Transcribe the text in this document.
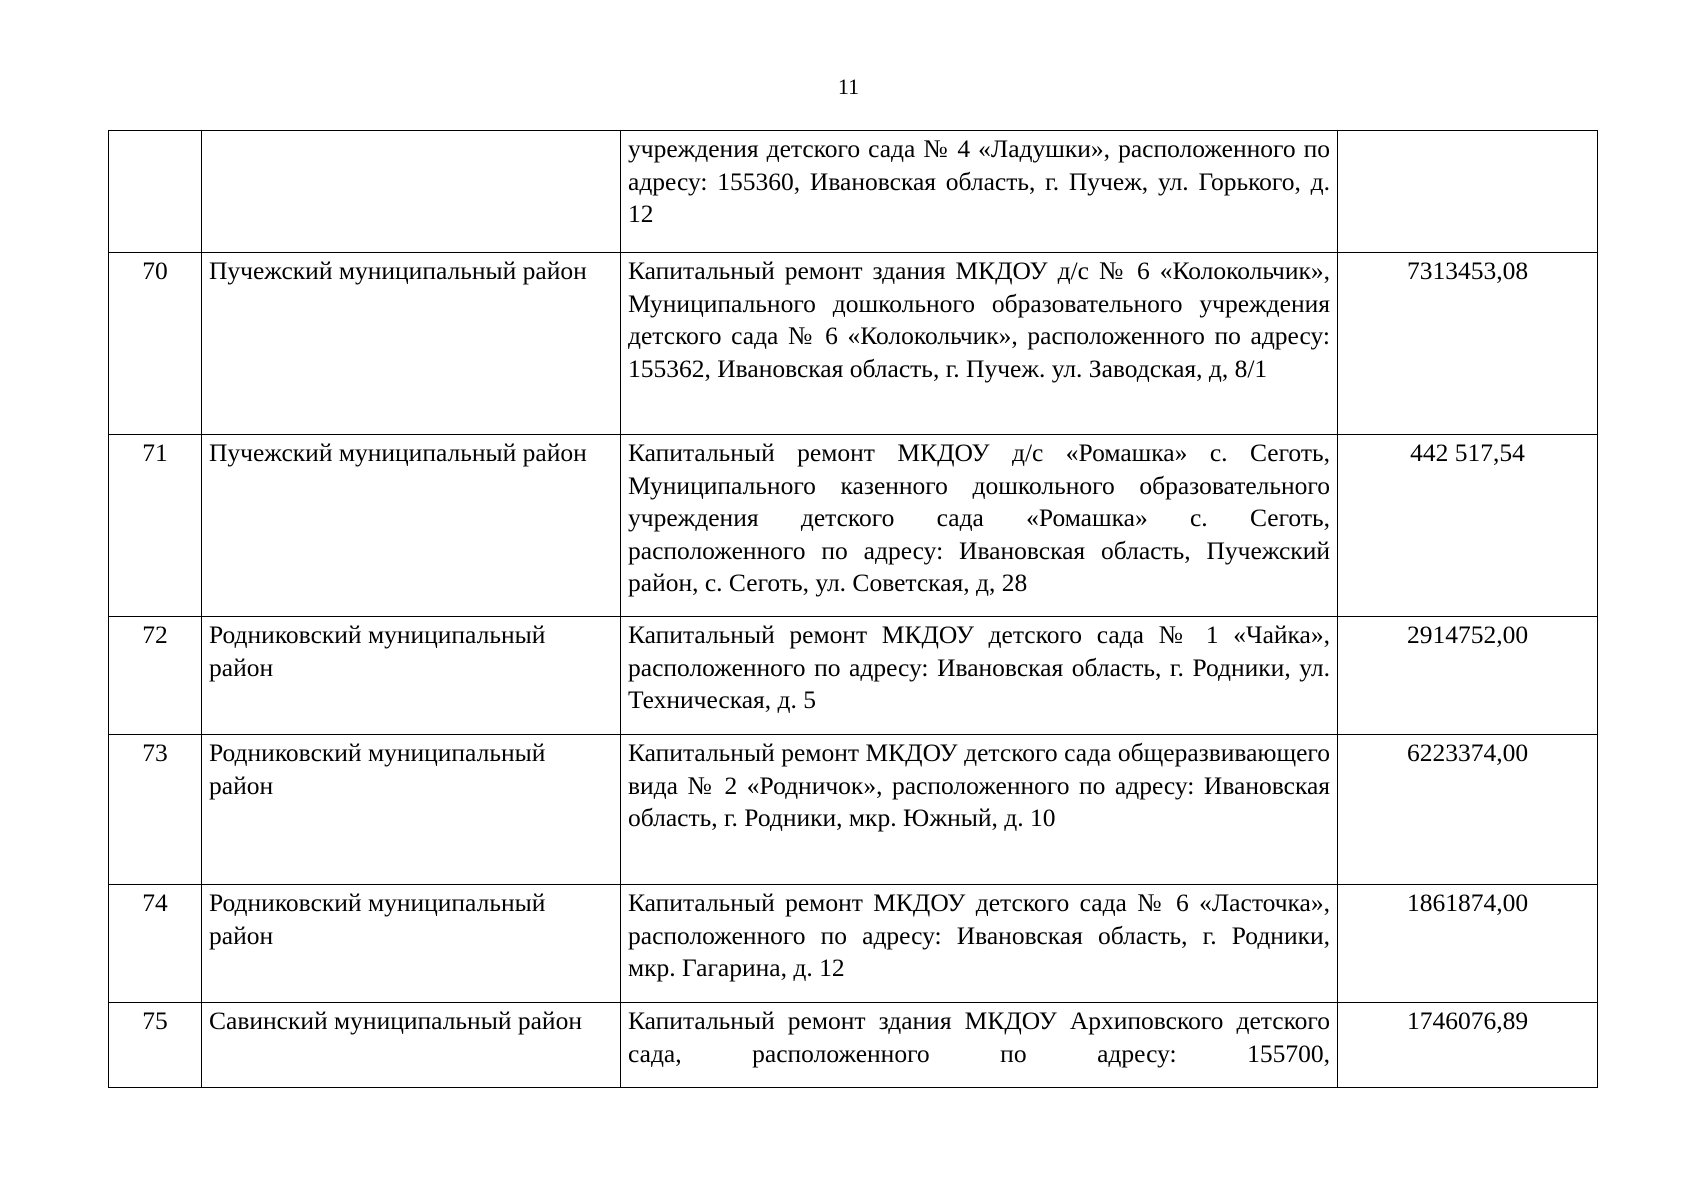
11
		учреждения детского сада № 4 «Ладушки», расположенного по адресу: 155360, Ивановская область, г. Пучеж, ул. Горького, д. 12	
70	Пучежский муниципальный район	Капитальный ремонт здания МКДОУ д/с № 6 «Колокольчик», Муниципального дошкольного образовательного учреждения детского сада № 6 «Колокольчик», расположенного по адресу: 155362, Ивановская область, г. Пучеж. ул. Заводская, д, 8/1	7313453,08
71	Пучежский муниципальный район	Капитальный ремонт МКДОУ д/с «Ромашка» с. Сеготь, Муниципального казенного дошкольного образовательного учреждения детского сада «Ромашка» с. Сеготь, расположенного по адресу: Ивановская область, Пучежский район, с. Сеготь, ул. Советская, д, 28	442 517,54
72	Родниковский муниципальный район	Капитальный ремонт МКДОУ детского сада № 1 «Чайка», расположенного по адресу: Ивановская область, г. Родники, ул. Техническая, д. 5	2914752,00
73	Родниковский муниципальный район	Капитальный ремонт МКДОУ детского сада общеразвивающего вида № 2 «Родничок», расположенного по адресу: Ивановская область, г. Родники, мкр. Южный, д. 10	6223374,00
74	Родниковский муниципальный район	Капитальный ремонт МКДОУ детского сада № 6 «Ласточка», расположенного по адресу: Ивановская область, г. Родники, мкр. Гагарина, д. 12	1861874,00
75	Савинский муниципальный район	Капитальный ремонт здания МКДОУ Архиповского детского сада, расположенного по адресу: 155700,	1746076,89
